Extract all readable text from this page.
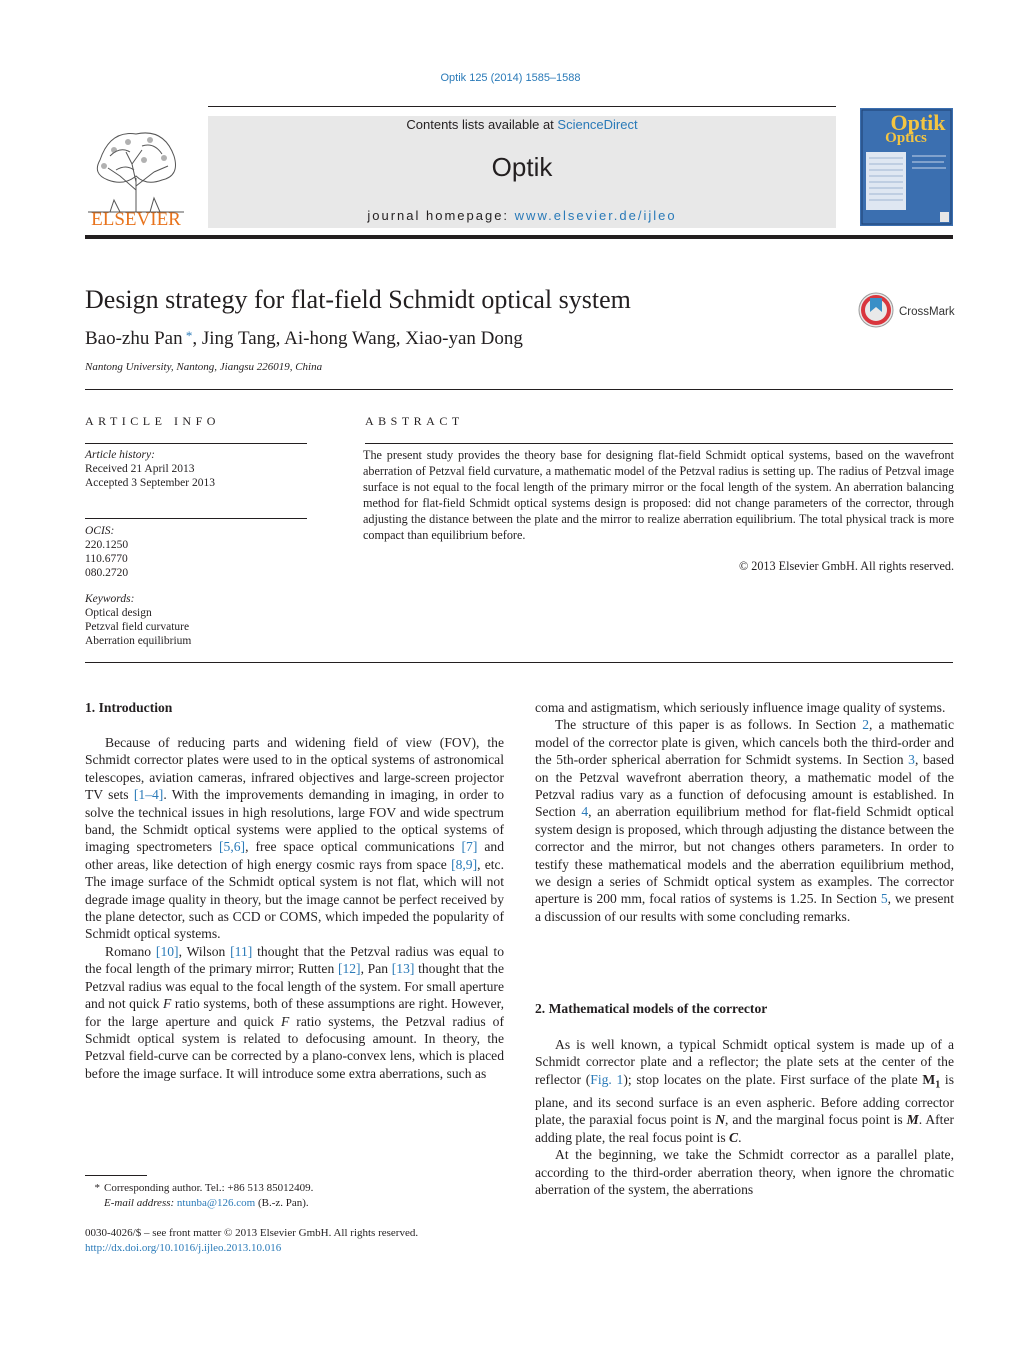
Optik 125 (2014) 1585–1588
ELSEVIER
Contents lists available at ScienceDirect
Optik
journal homepage: www.elsevier.de/ijleo
Optik
Optics
Design strategy for flat-field Schmidt optical system	CrossMark
Bao-zhu Pan *, Jing Tang, Ai-hong Wang, Xiao-yan Dong
Nantong University, Nantong, Jiangsu 226019, China
ARTICLE INFO	ABSTRACT
Article history:
Received 21 April 2013
Accepted 3 September 2013
OCIS:
220.1250
110.6770
080.2720
Keywords:
Optical design
Petzval field curvature
Aberration equilibrium
The present study provides the theory base for designing flat-field Schmidt optical systems, based on the wavefront aberration of Petzval field curvature, a mathematic model of the Petzval radius is setting up. The radius of Petzval image surface is not equal to the focal length of the primary mirror or the focal length of the system. An aberration balancing method for flat-field Schmidt optical systems design is proposed: did not change parameters of the corrector, through adjusting the distance between the plate and the mirror to realize aberration equilibrium. The total physical track is more compact than equilibrium before.
© 2013 Elsevier GmbH. All rights reserved.
1. Introduction

Because of reducing parts and widening field of view (FOV), the Schmidt corrector plates were used to in the optical systems of astronomical telescopes, aviation cameras, infrared objectives and large-screen projector TV sets [1–4]. With the improvements demanding in imaging, in order to solve the technical issues in high resolutions, large FOV and wide spectrum band, the Schmidt optical systems were applied to the optical systems of imaging spectrometers [5,6], free space optical communications [7] and other areas, like detection of high energy cosmic rays from space [8,9], etc. The image surface of the Schmidt optical system is not flat, which will not degrade image quality in theory, but the image cannot be perfect received by the plane detector, such as CCD or COMS, which impeded the popularity of Schmidt optical systems.

Romano [10], Wilson [11] thought that the Petzval radius was equal to the focal length of the primary mirror; Rutten [12], Pan [13] thought that the Petzval radius was equal to the focal length of the system. For small aperture and not quick F ratio systems, both of these assumptions are right. However, for the large aperture and quick F ratio systems, the Petzval radius of Schmidt optical system is related to defocusing amount. In theory, the Petzval field-curve can be corrected by a plano-convex lens, which is placed before the image surface. It will introduce some extra aberrations, such as

coma and astigmatism, which seriously influence image quality of systems.

The structure of this paper is as follows. In Section 2, a mathematic model of the corrector plate is given, which cancels both the third-order and the 5th-order spherical aberration for Schmidt systems. In Section 3, based on the Petzval wavefront aberration theory, a mathematic model of the Petzval radius vary as a function of defocusing amount is established. In Section 4, an aberration equilibrium method for flat-field Schmidt optical system design is proposed, which through adjusting the distance between the corrector and the mirror, but not changes others parameters. In order to testify these mathematical models and the aberration equilibrium method, we design a series of Schmidt optical system as examples. The corrector aperture is 200 mm, focal ratios of systems is 1.25. In Section 5, we present a discussion of our results with some concluding remarks.

2. Mathematical models of the corrector

As is well known, a typical Schmidt optical system is made up of a Schmidt corrector plate and a reflector; the plate sets at the center of the reflector (Fig. 1); stop locates on the plate. First surface of the plate $M_1$ is plane, and its second surface is an even aspheric. Before adding corrector plate, the paraxial focus point is N, and the marginal focus point is M. After adding plate, the real focus point is C.

At the beginning, we take the Schmidt corrector as a parallel plate, according to the third-order aberration theory, when ignore the chromatic aberration of the system, the aberrations

* Corresponding author. Tel.: +86 513 85012409.
E-mail address: ntunba@126.com (B.-z. Pan).
0030-4026/$ – see front matter © 2013 Elsevier GmbH. All rights reserved.
http://dx.doi.org/10.1016/j.ijleo.2013.10.016
